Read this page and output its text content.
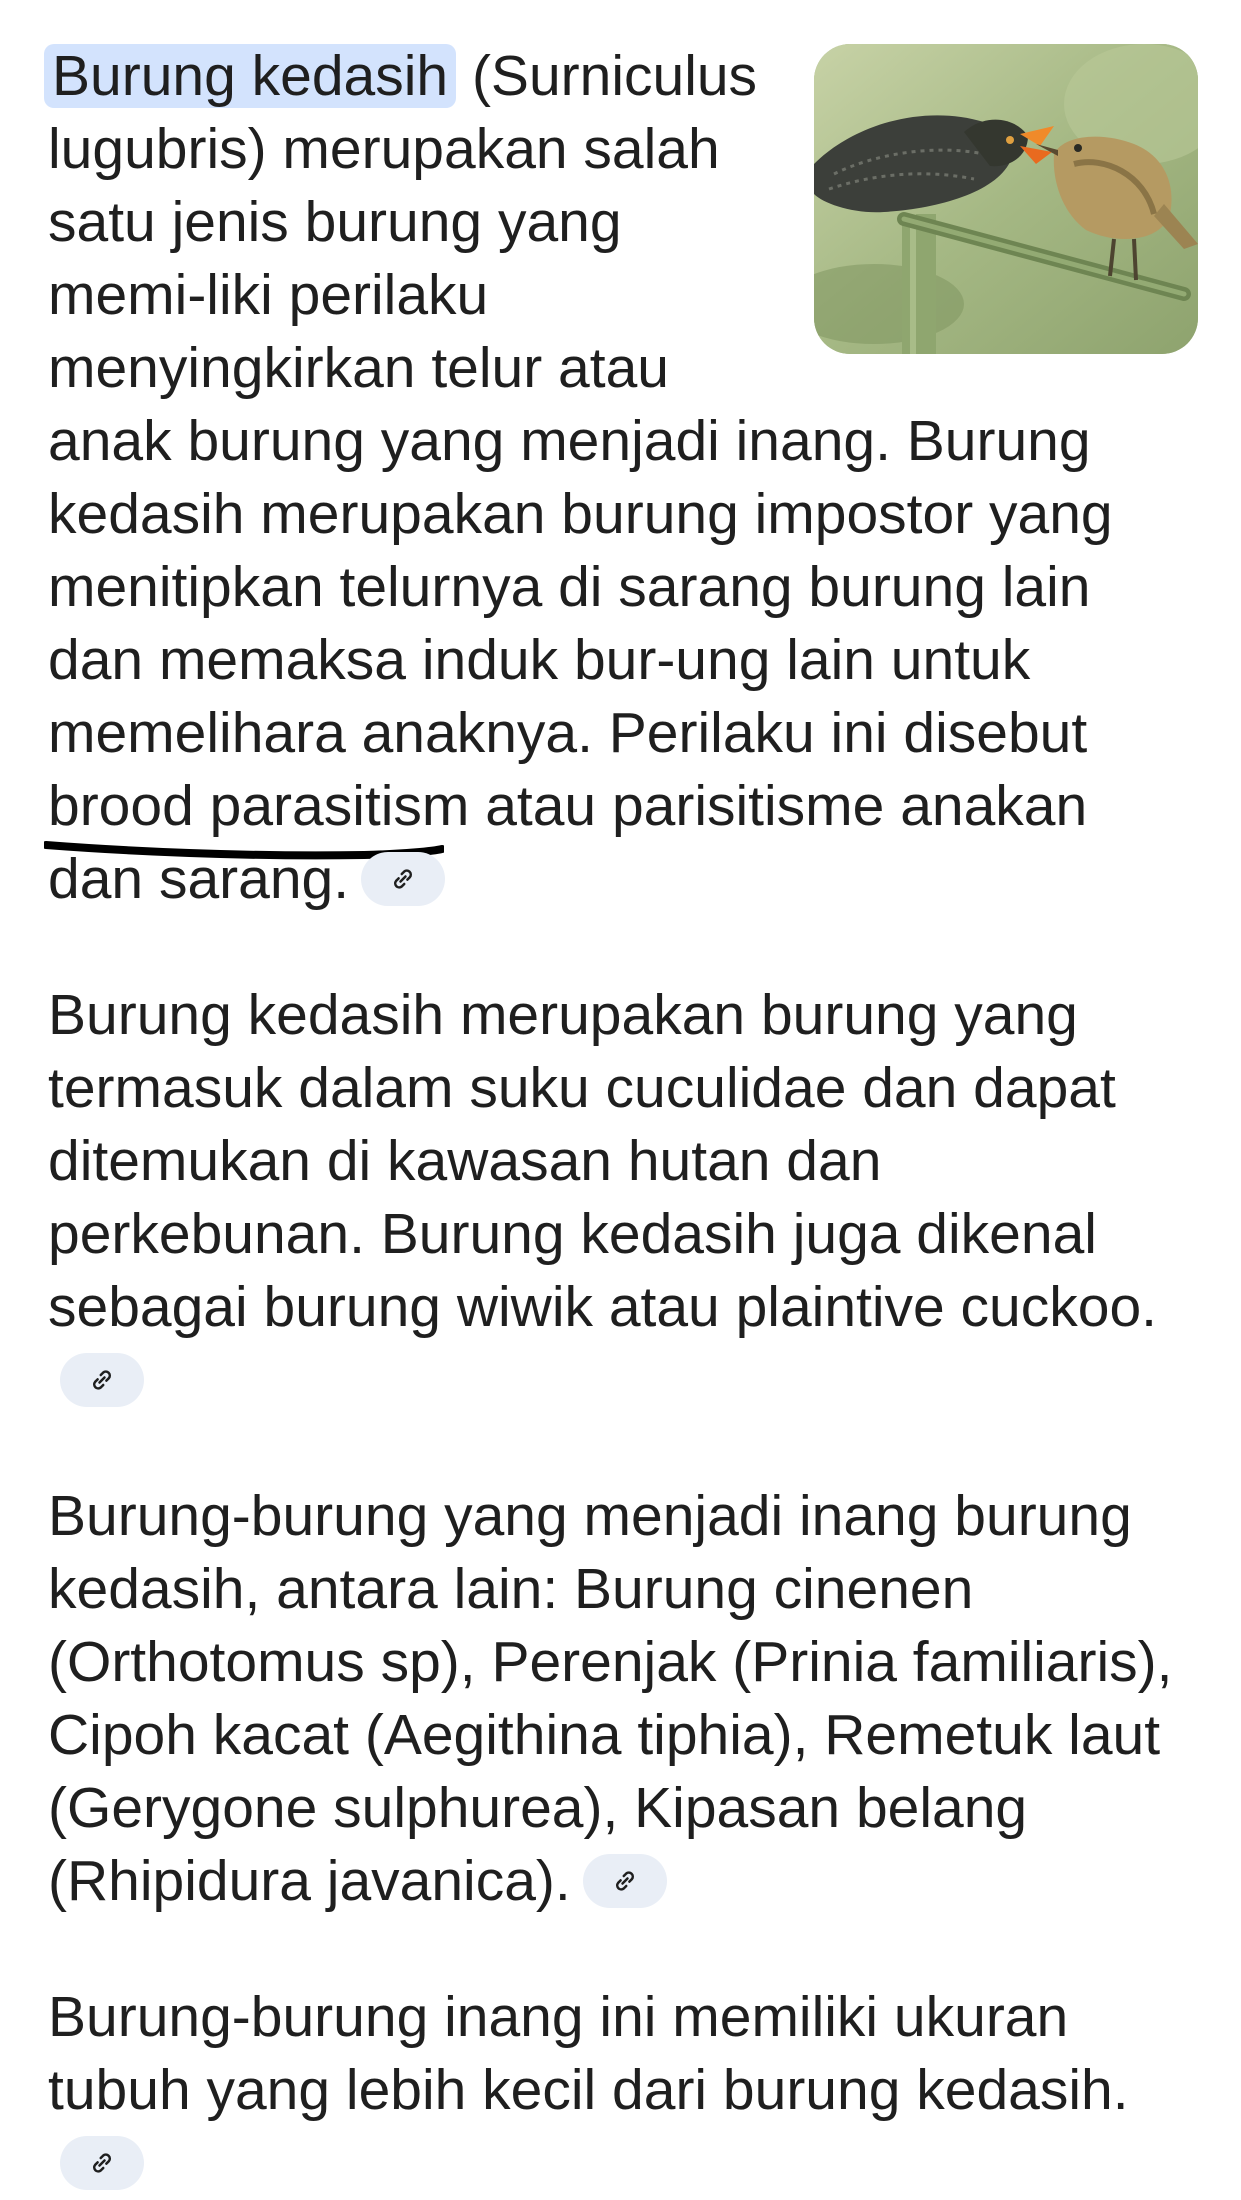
Burung kedasih (Surniculus lugubris) merupakan salah satu jenis burung yang memi-liki perilaku menyingkirkan telur atau anak burung yang menjadi inang. Burung kedasih merupakan burung impostor yang menitipkan telurnya di sarang burung lain dan memaksa induk bur-ung lain untuk memelihara anaknya. Perilaku ini disebut brood parasitism
atau parisitisme anakan dan sarang.

Burung kedasih merupakan burung yang termasuk dalam suku cuculidae dan dapat ditemukan di kawasan hutan dan perkebunan. Burung kedasih juga dikenal sebagai burung wiwik atau plaintive cuckoo.

Burung-burung yang menjadi inang burung kedasih, antara lain: Burung cinenen (Orthotomus sp), Perenjak (Prinia familiaris), Cipoh kacat (Aegithina tiphia), Remetuk laut (Gerygone sulphurea), Kipasan belang (Rhipidura javanica).

Burung-burung inang ini memiliki ukuran tubuh yang lebih kecil dari burung kedasih.
